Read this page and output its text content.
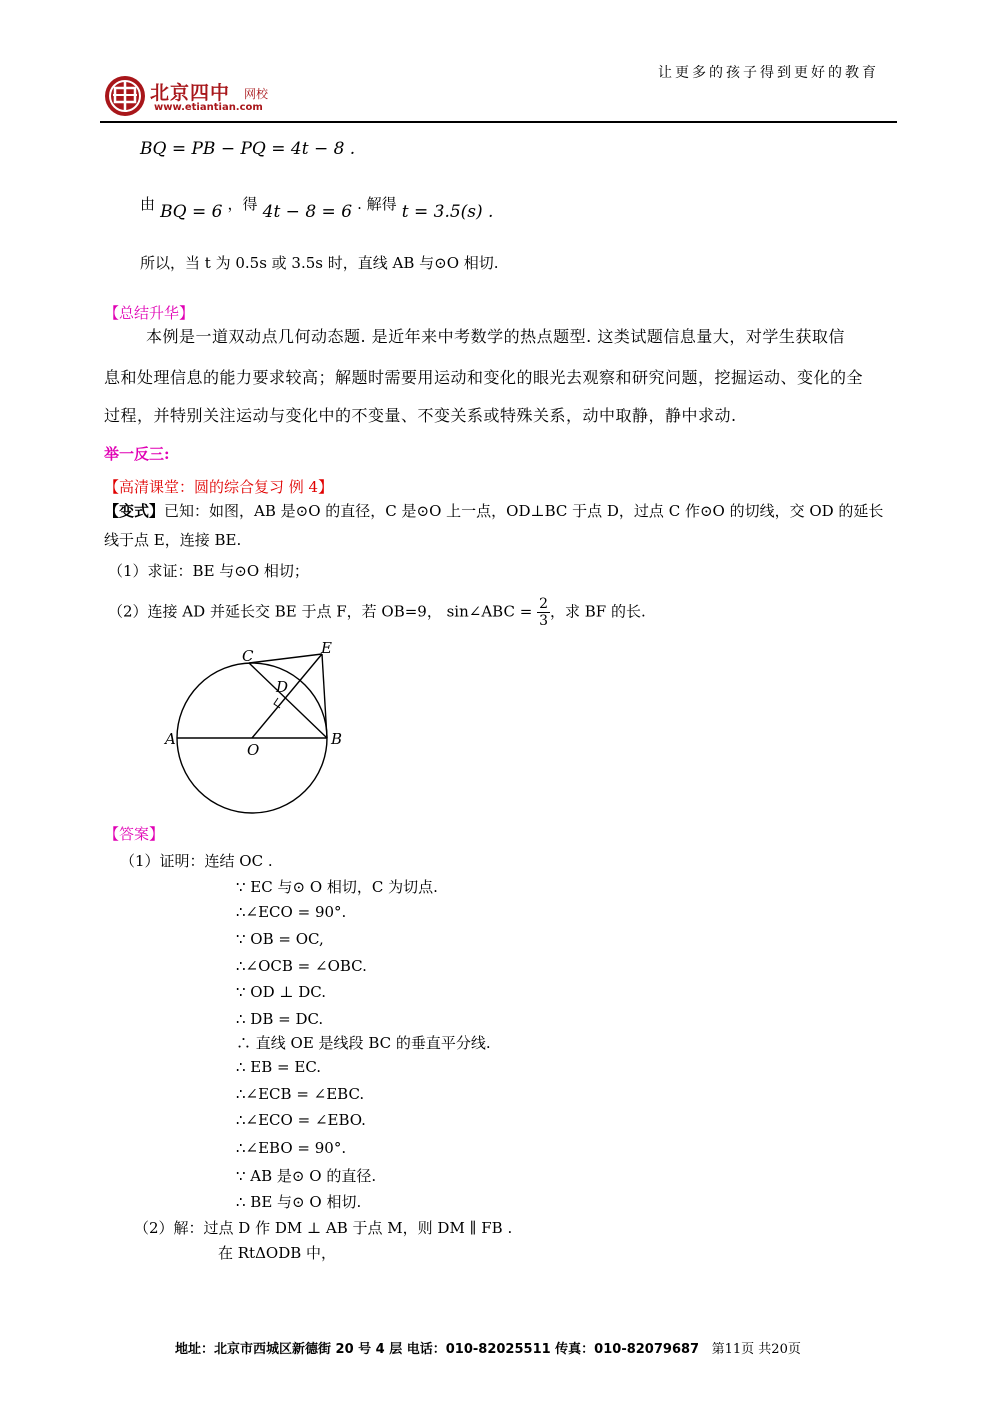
北京四中 网校
www.etiantian.com
让更多的孩子得到更好的教育
BQ = PB − PQ = 4t − 8 .
由 BQ = 6 ，得 4t − 8 = 6 . 解得 t = 3.5(s) .
所以，当 t 为 0.5s 或 3.5s 时，直线 AB 与⊙O 相切.
【总结升华】
本例是一道双动点几何动态题. 是近年来中考数学的热点题型. 这类试题信息量大，对学生获取信
息和处理信息的能力要求较高；解题时需要用运动和变化的眼光去观察和研究问题，挖掘运动、变化的全
过程，并特别关注运动与变化中的不变量、不变关系或特殊关系，动中取静，静中求动.
举一反三:
【高清课堂：圆的综合复习 例 4】
【变式】已知：如图，AB 是⊙O 的直径，C 是⊙O 上一点，OD⊥BC 于点 D，过点 C 作⊙O 的切线，交 OD 的延长
线于点 E，连接 BE.
（1）求证：BE 与⊙O 相切；
（2）连接 AD 并延长交 BE 于点 F，若 OB=9， sin∠ABC = $\frac{2}{3}$ ，求 BF 的长.
C	E
D
A	B
O
【答案】
（1）证明：连结 OC .
∵ EC 与⊙ O 相切，C 为切点.
∴∠ECO = 90°.
∵ OB = OC,
∴∠OCB = ∠OBC.
∵ OD ⊥ DC.
∴ DB = DC.
∴ 直线 OE 是线段 BC 的垂直平分线.
∴ EB = EC.
∴∠ECB = ∠EBC.
∴∠ECO = ∠EBO.
∴∠EBO = 90°.
∵ AB 是⊙ O 的直径.
∴ BE 与⊙ O 相切.
（2）解：过点 D 作 DM ⊥ AB 于点 M，则 DM ∥ FB .
在 RtΔODB 中，
地址：北京市西城区新德街 20 号 4 层 电话：010-82025511 传真：010-82079687 第11页 共20页
